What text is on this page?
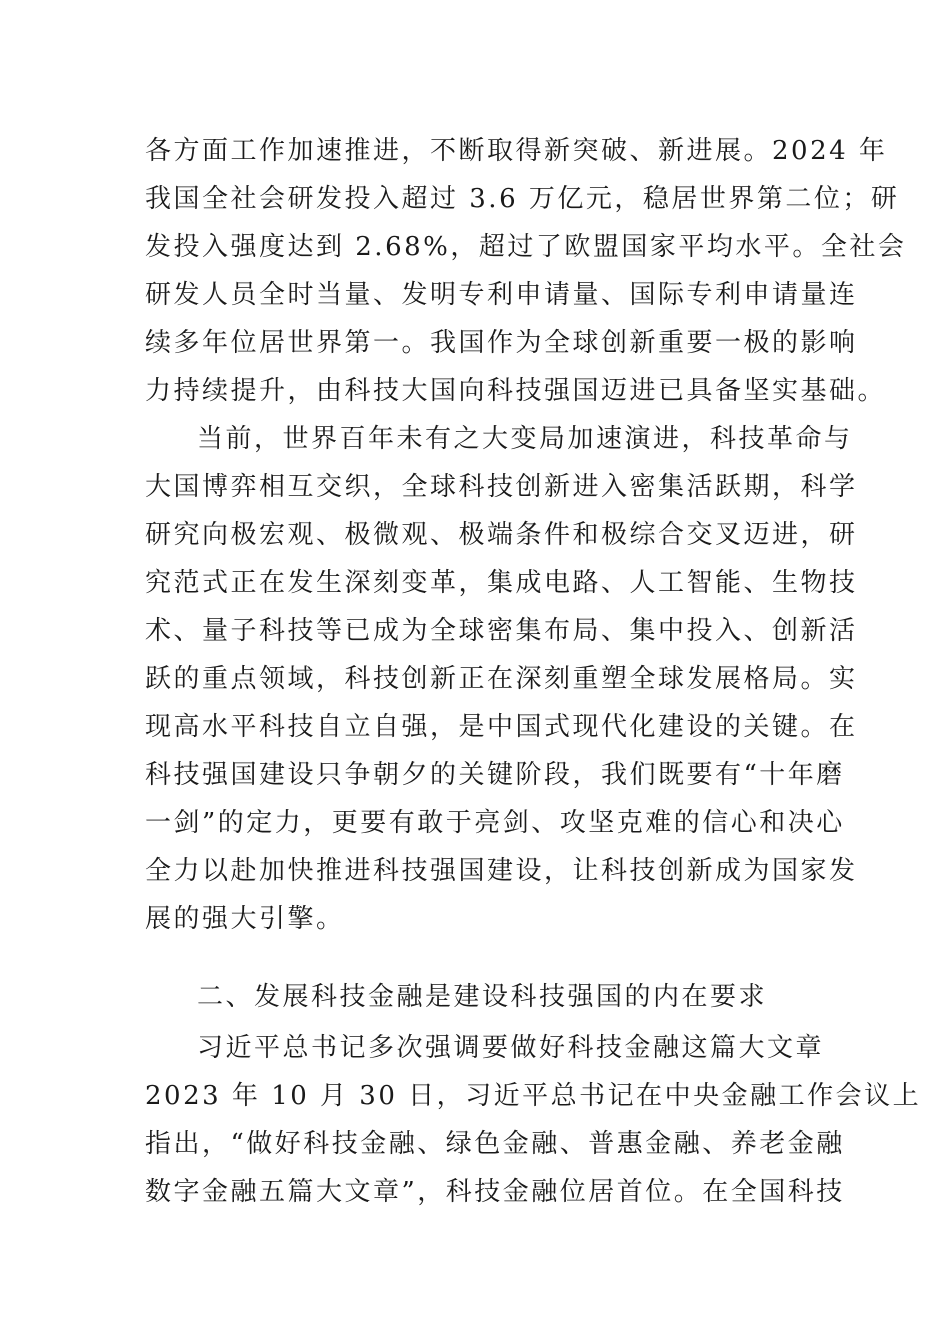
各方面工作加速推进，不断取得新突破、新进展。2024 年
我国全社会研发投入超过 3.6 万亿元，稳居世界第二位；研
发投入强度达到 2.68%，超过了欧盟国家平均水平。全社会
研发人员全时当量、发明专利申请量、国际专利申请量连
续多年位居世界第一。我国作为全球创新重要一极的影响
力持续提升，由科技大国向科技强国迈进已具备坚实基础。
当前，世界百年未有之大变局加速演进，科技革命与
大国博弈相互交织，全球科技创新进入密集活跃期，科学
研究向极宏观、极微观、极端条件和极综合交叉迈进，研
究范式正在发生深刻变革，集成电路、人工智能、生物技
术、量子科技等已成为全球密集布局、集中投入、创新活
跃的重点领域，科技创新正在深刻重塑全球发展格局。实
现高水平科技自立自强，是中国式现代化建设的关键。在
科技强国建设只争朝夕的关键阶段，我们既要有“十年磨
一剑”的定力，更要有敢于亮剑、攻坚克难的信心和决心
全力以赴加快推进科技强国建设，让科技创新成为国家发
展的强大引擎。
二、发展科技金融是建设科技强国的内在要求
习近平总书记多次强调要做好科技金融这篇大文章
2023 年 10 月 30 日，习近平总书记在中央金融工作会议上
指出，“做好科技金融、绿色金融、普惠金融、养老金融
数字金融五篇大文章”，科技金融位居首位。在全国科技
